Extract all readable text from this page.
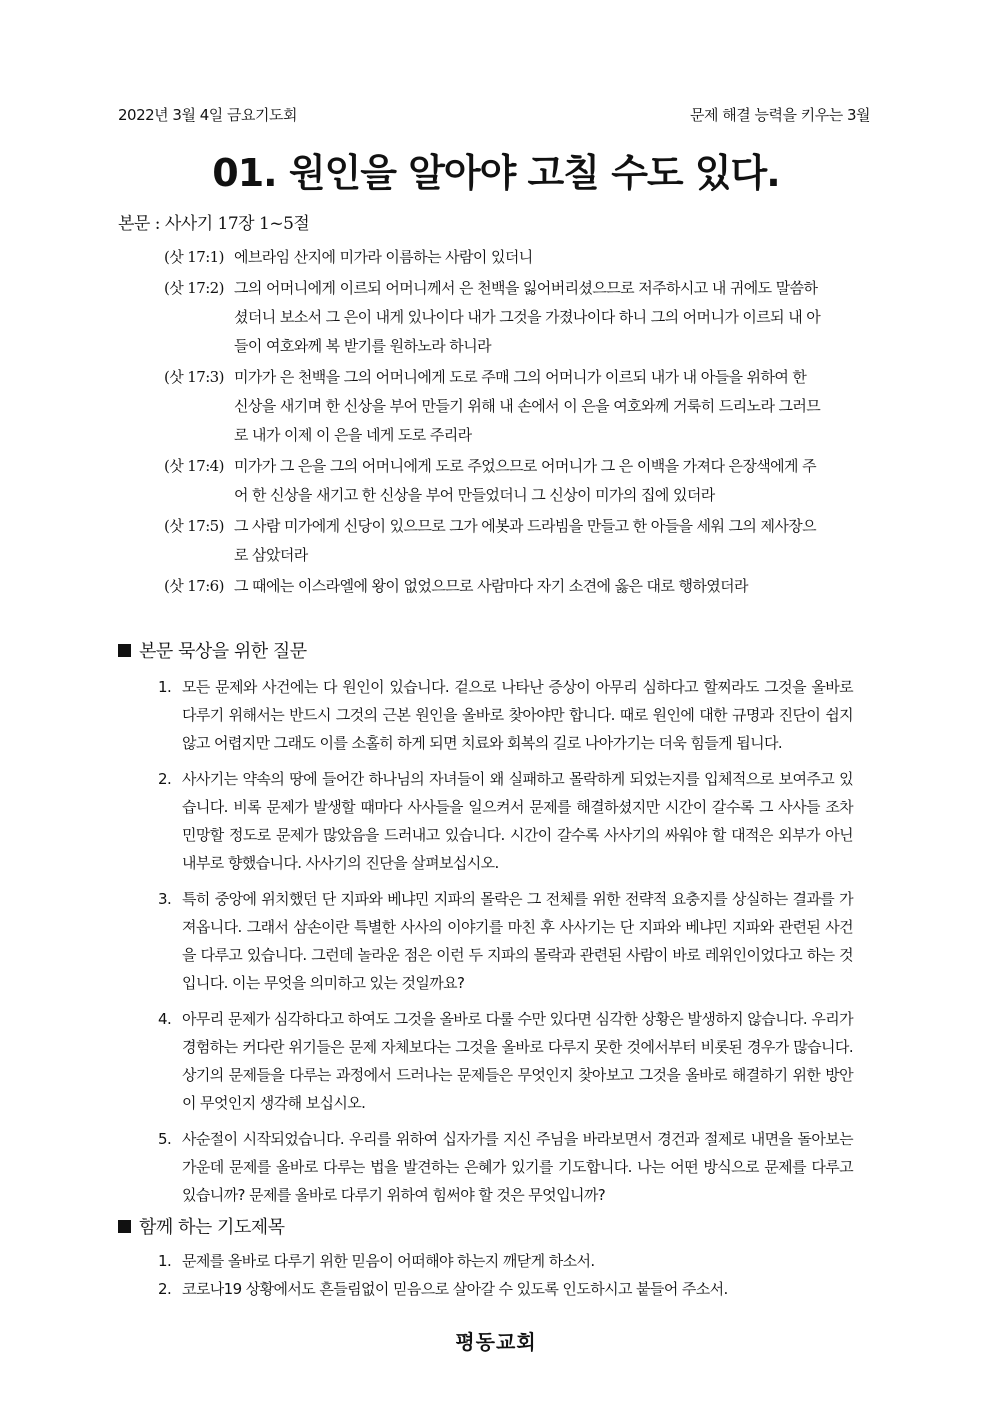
2022년 3월 4일 금요기도회	문제 해결 능력을 키우는 3월
01. 원인을 알아야 고칠 수도 있다.
본문 : 사사기 17장 1~5절
(삿 17:1) 에브라임 산지에 미가라 이름하는 사람이 있더니
(삿 17:2) 그의 어머니에게 이르되 어머니께서 은 천백을 잃어버리셨으므로 저주하시고 내 귀에도 말씀하셨더니 보소서 그 은이 내게 있나이다 내가 그것을 가졌나이다 하니 그의 어머니가 이르되 내 아들이 여호와께 복 받기를 원하노라 하니라
(삿 17:3) 미가가 은 천백을 그의 어머니에게 도로 주매 그의 어머니가 이르되 내가 내 아들을 위하여 한 신상을 새기며 한 신상을 부어 만들기 위해 내 손에서 이 은을 여호와께 거룩히 드리노라 그러므로 내가 이제 이 은을 네게 도로 주리라
(삿 17:4) 미가가 그 은을 그의 어머니에게 도로 주었으므로 어머니가 그 은 이백을 가져다 은장색에게 주어 한 신상을 새기고 한 신상을 부어 만들었더니 그 신상이 미가의 집에 있더라
(삿 17:5) 그 사람 미가에게 신당이 있으므로 그가 에봇과 드라빔을 만들고 한 아들을 세워 그의 제사장으로 삼았더라
(삿 17:6) 그 때에는 이스라엘에 왕이 없었으므로 사람마다 자기 소견에 옳은 대로 행하였더라
본문 묵상을 위한 질문
1. 모든 문제와 사건에는 다 원인이 있습니다. 겉으로 나타난 증상이 아무리 심하다고 할찌라도 그것을 올바로 다루기 위해서는 반드시 그것의 근본 원인을 올바로 찾아야만 합니다. 때로 원인에 대한 규명과 진단이 쉽지 않고 어렵지만 그래도 이를 소홀히 하게 되면 치료와 회복의 길로 나아가기는 더욱 힘들게 됩니다.
2. 사사기는 약속의 땅에 들어간 하나님의 자녀들이 왜 실패하고 몰락하게 되었는지를 입체적으로 보여주고 있습니다. 비록 문제가 발생할 때마다 사사들을 일으켜서 문제를 해결하셨지만 시간이 갈수록 그 사사들 조차 민망할 정도로 문제가 많았음을 드러내고 있습니다. 시간이 갈수록 사사기의 싸워야 할 대적은 외부가 아닌 내부로 향했습니다. 사사기의 진단을 살펴보십시오.
3. 특히 중앙에 위치했던 단 지파와 베냐민 지파의 몰락은 그 전체를 위한 전략적 요충지를 상실하는 결과를 가져옵니다. 그래서 삼손이란 특별한 사사의 이야기를 마친 후 사사기는 단 지파와 베냐민 지파와 관련된 사건을 다루고 있습니다. 그런데 놀라운 점은 이런 두 지파의 몰락과 관련된 사람이 바로 레위인이었다고 하는 것입니다. 이는 무엇을 의미하고 있는 것일까요?
4. 아무리 문제가 심각하다고 하여도 그것을 올바로 다룰 수만 있다면 심각한 상황은 발생하지 않습니다. 우리가 경험하는 커다란 위기들은 문제 자체보다는 그것을 올바로 다루지 못한 것에서부터 비롯된 경우가 많습니다. 상기의 문제들을 다루는 과정에서 드러나는 문제들은 무엇인지 찾아보고 그것을 올바로 해결하기 위한 방안이 무엇인지 생각해 보십시오.
5. 사순절이 시작되었습니다. 우리를 위하여 십자가를 지신 주님을 바라보면서 경건과 절제로 내면을 돌아보는 가운데 문제를 올바로 다루는 법을 발견하는 은혜가 있기를 기도합니다. 나는 어떤 방식으로 문제를 다루고 있습니까? 문제를 올바로 다루기 위하여 힘써야 할 것은 무엇입니까?
함께 하는 기도제목
1. 문제를 올바로 다루기 위한 믿음이 어떠해야 하는지 깨닫게 하소서.
2. 코로나19 상황에서도 흔들림없이 믿음으로 살아갈 수 있도록 인도하시고 붙들어 주소서.
평동교회
